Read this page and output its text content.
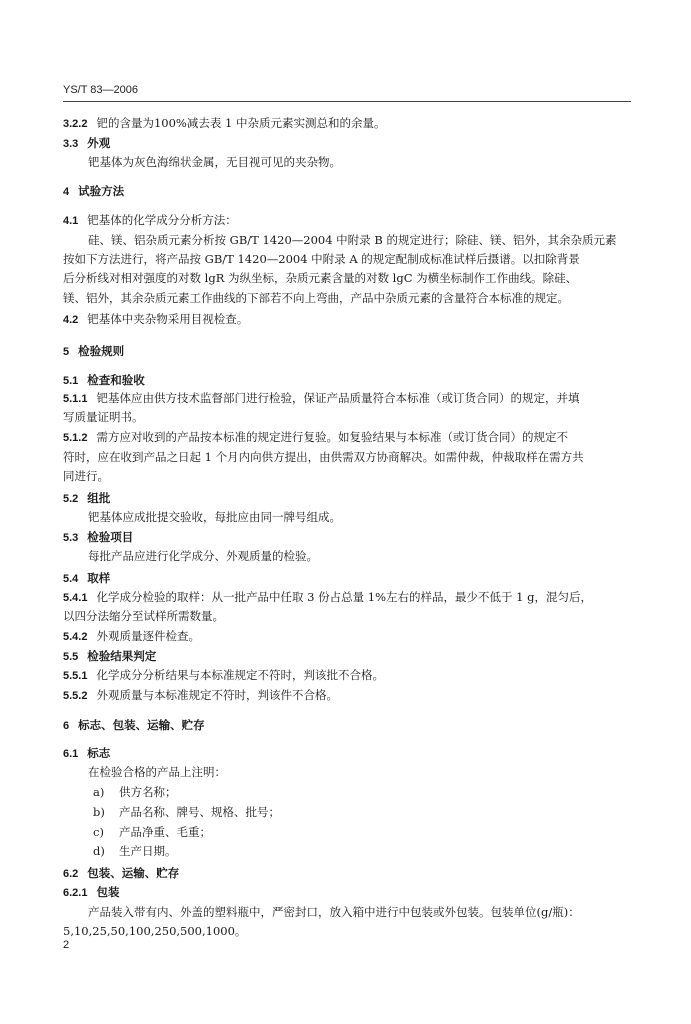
YS/T 83—2006
3.2.2 钯的含量为100%减去表 1 中杂质元素实测总和的余量。
3.3 外观
钯基体为灰色海绵状金属，无目视可见的夹杂物。
4 试验方法
4.1 钯基体的化学成分分析方法：
硅、镁、铝杂质元素分析按 GB/T 1420—2004 中附录 B 的规定进行；除硅、镁、铝外，其余杂质元素
按如下方法进行，将产品按 GB/T 1420—2004 中附录 A 的规定配制成标准试样后摄谱。以扣除背景
后分析线对相对强度的对数 lgR 为纵坐标，杂质元素含量的对数 lgC 为横坐标制作工作曲线。除硅、
镁、铝外，其余杂质元素工作曲线的下部若不向上弯曲，产品中杂质元素的含量符合本标准的规定。
4.2 钯基体中夹杂物采用目视检查。
5 检验规则
5.1 检查和验收
5.1.1 钯基体应由供方技术监督部门进行检验，保证产品质量符合本标准（或订货合同）的规定，并填
写质量证明书。
5.1.2 需方应对收到的产品按本标准的规定进行复验。如复验结果与本标准（或订货合同）的规定不
符时，应在收到产品之日起 1 个月内向供方提出，由供需双方协商解决。如需仲裁，仲裁取样在需方共
同进行。
5.2 组批
钯基体应成批提交验收，每批应由同一牌号组成。
5.3 检验项目
每批产品应进行化学成分、外观质量的检验。
5.4 取样
5.4.1 化学成分检验的取样：从一批产品中任取 3 份占总量 1%左右的样品，最少不低于 1 g，混匀后，
以四分法缩分至试样所需数量。
5.4.2 外观质量逐件检查。
5.5 检验结果判定
5.5.1 化学成分分析结果与本标准规定不符时，判该批不合格。
5.5.2 外观质量与本标准规定不符时，判该件不合格。
6 标志、包装、运输、贮存
6.1 标志
在检验合格的产品上注明：
a) 供方名称；
b) 产品名称、牌号、规格、批号；
c) 产品净重、毛重；
d) 生产日期。
6.2 包装、运输、贮存
6.2.1 包装
产品装入带有内、外盖的塑料瓶中，严密封口，放入箱中进行中包装或外包装。包装单位(g/瓶)：
5,10,25,50,100,250,500,1000。
2
